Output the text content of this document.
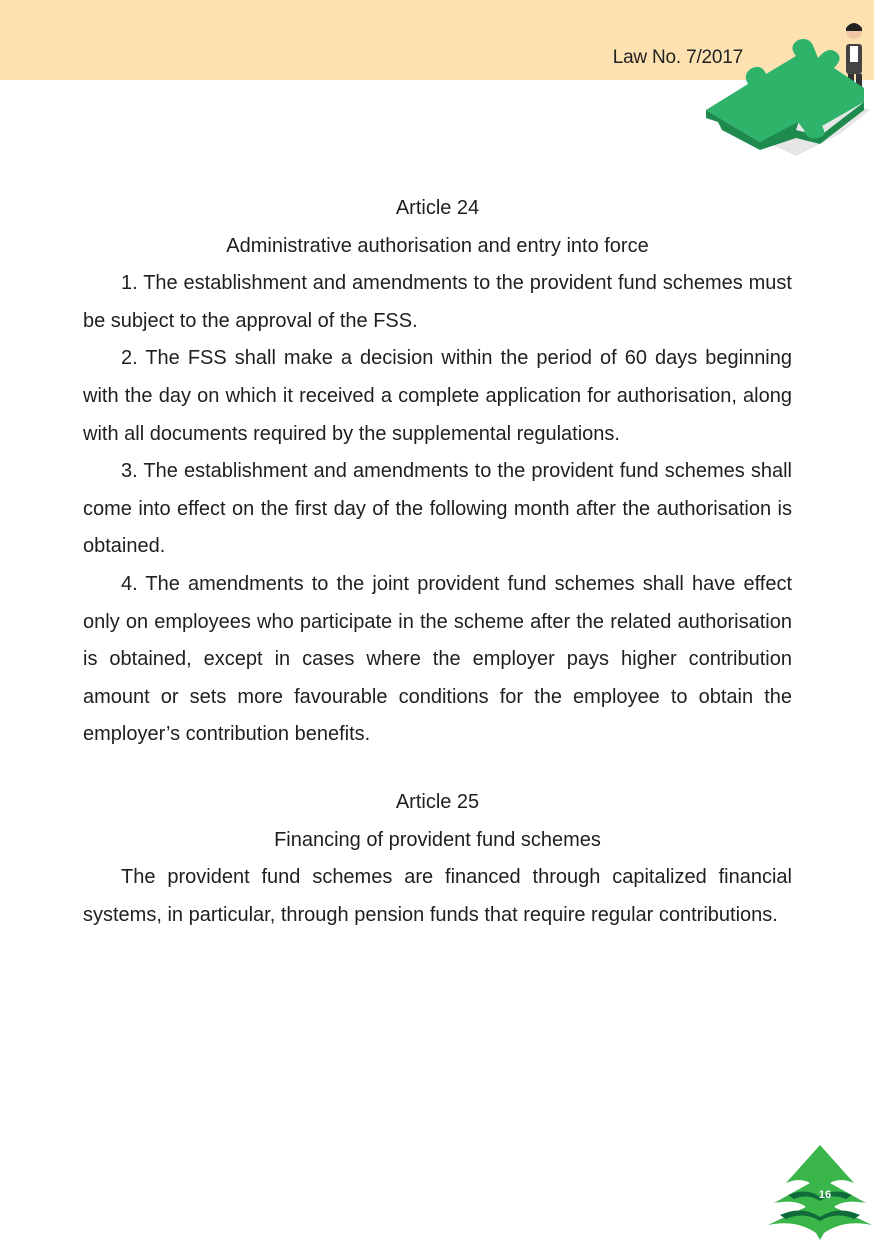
Law No. 7/2017

Article 24

Administrative authorisation and entry into force

1. The establishment and amendments to the provident fund schemes must be subject to the approval of the FSS.

2. The FSS shall make a decision within the period of 60 days beginning with the day on which it received a complete application for authorisation, along with all documents required by the supplemental regulations.

3. The establishment and amendments to the provident fund schemes shall come into effect on the first day of the following month after the authorisation is obtained.

4. The amendments to the joint provident fund schemes shall have effect only on employees who participate in the scheme after the related authorisation is obtained, except in cases where the employer pays higher contribution amount or sets more favourable conditions for the employee to obtain the employer’s contribution benefits.

Article 25

Financing of provident fund schemes

The provident fund schemes are financed through capitalized financial systems, in particular, through pension funds that require regular contributions.

16
